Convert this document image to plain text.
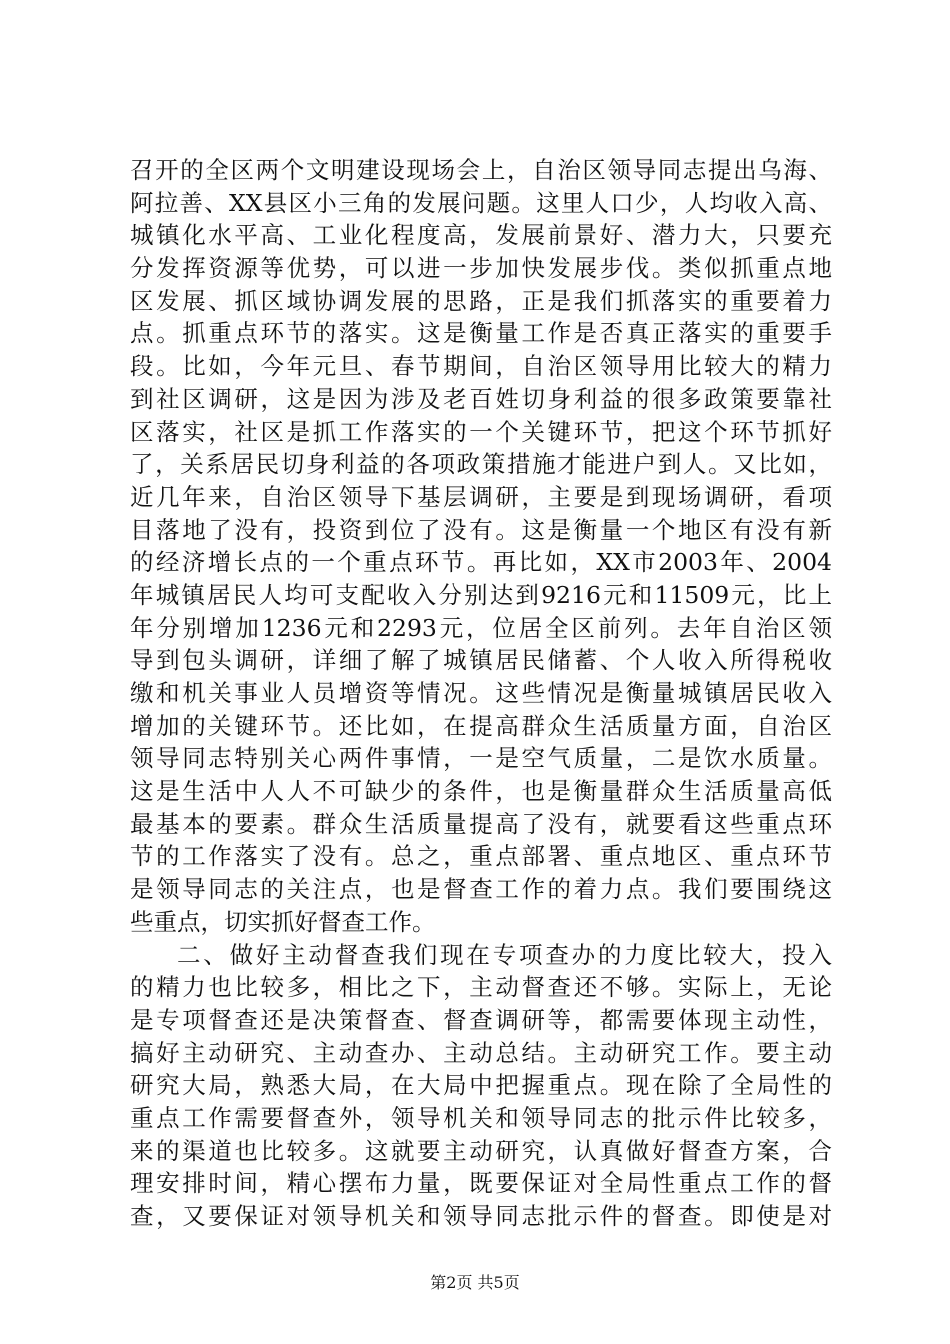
召开的全区两个文明建设现场会上，自治区领导同志提出乌海、
阿拉善、XX县区小三角的发展问题。这里人口少，人均收入高、
城镇化水平高、工业化程度高，发展前景好、潜力大，只要充
分发挥资源等优势，可以进一步加快发展步伐。类似抓重点地
区发展、抓区域协调发展的思路，正是我们抓落实的重要着力
点。抓重点环节的落实。这是衡量工作是否真正落实的重要手
段。比如，今年元旦、春节期间，自治区领导用比较大的精力
到社区调研，这是因为涉及老百姓切身利益的很多政策要靠社
区落实，社区是抓工作落实的一个关键环节，把这个环节抓好
了，关系居民切身利益的各项政策措施才能进户到人。又比如，
近几年来，自治区领导下基层调研，主要是到现场调研，看项
目落地了没有，投资到位了没有。这是衡量一个地区有没有新
的经济增长点的一个重点环节。再比如，XX市2003年、2004
年城镇居民人均可支配收入分别达到9216元和11509元，比上
年分别增加1236元和2293元，位居全区前列。去年自治区领
导到包头调研，详细了解了城镇居民储蓄、个人收入所得税收
缴和机关事业人员增资等情况。这些情况是衡量城镇居民收入
增加的关键环节。还比如，在提高群众生活质量方面，自治区
领导同志特别关心两件事情，一是空气质量，二是饮水质量。
这是生活中人人不可缺少的条件，也是衡量群众生活质量高低
最基本的要素。群众生活质量提高了没有，就要看这些重点环
节的工作落实了没有。总之，重点部署、重点地区、重点环节
是领导同志的关注点，也是督查工作的着力点。我们要围绕这
些重点，切实抓好督查工作。
二、做好主动督查我们现在专项查办的力度比较大，投入
的精力也比较多，相比之下，主动督查还不够。实际上，无论
是专项督查还是决策督查、督查调研等，都需要体现主动性，
搞好主动研究、主动查办、主动总结。主动研究工作。要主动
研究大局，熟悉大局，在大局中把握重点。现在除了全局性的
重点工作需要督查外，领导机关和领导同志的批示件比较多，
来的渠道也比较多。这就要主动研究，认真做好督查方案，合
理安排时间，精心摆布力量，既要保证对全局性重点工作的督
查，又要保证对领导机关和领导同志批示件的督查。即使是对
第2页 共5页
